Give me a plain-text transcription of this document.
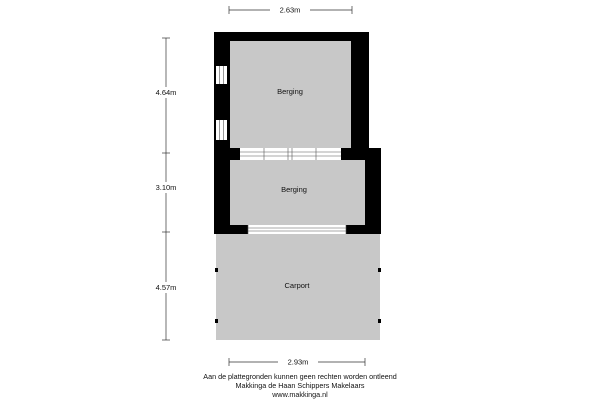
2.63m
4.64m
3.10m
4.57m	Carport
Berging
Berging
2.93m
Aan de plattegronden kunnen geen rechten worden ontleend
Makkinga de Haan Schippers Makelaars
www.makkinga.nl
